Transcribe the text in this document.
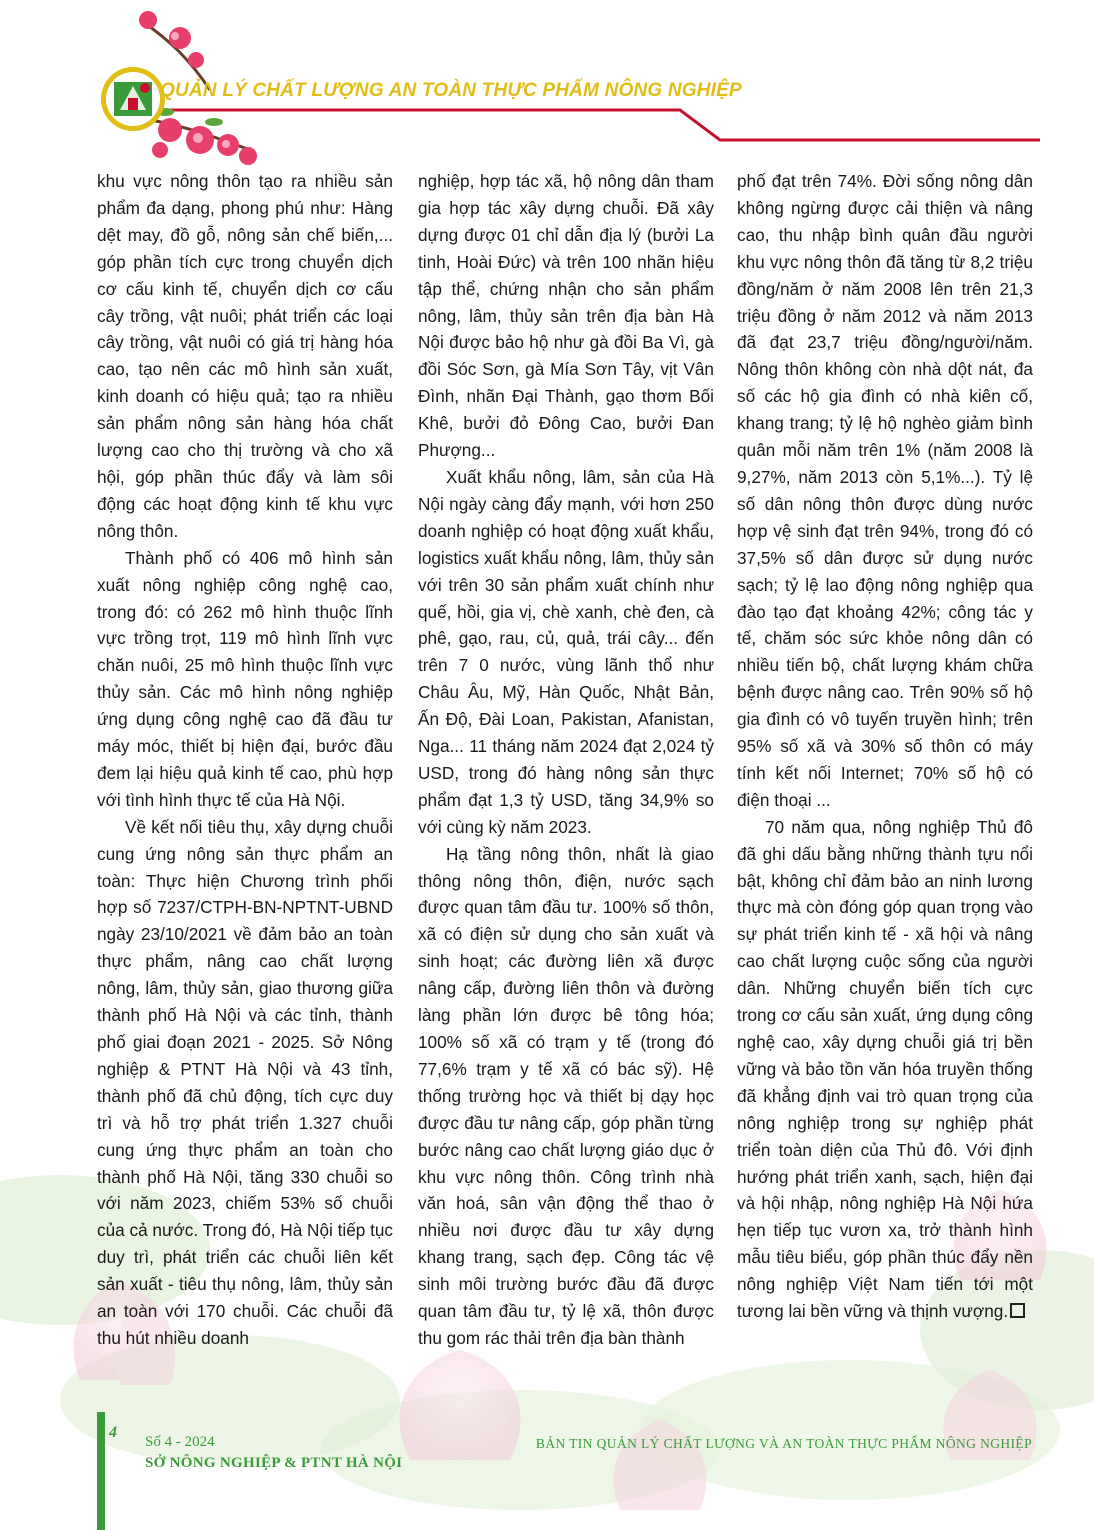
QUẢN LÝ CHẤT LƯỢNG AN TOÀN THỰC PHẨM NÔNG NGHIỆP

khu vực nông thôn tạo ra nhiều sản phẩm đa dạng, phong phú như: Hàng dệt may, đồ gỗ, nông sản chế biến,... góp phần tích cực trong chuyển dịch cơ cấu kinh tế, chuyển dịch cơ cấu cây trồng, vật nuôi; phát triển các loại cây trồng, vật nuôi có giá trị hàng hóa cao, tạo nên các mô hình sản xuất, kinh doanh có hiệu quả; tạo ra nhiều sản phẩm nông sản hàng hóa chất lượng cao cho thị trường và cho xã hội, góp phần thúc đẩy và làm sôi động các hoạt động kinh tế khu vực nông thôn.

Thành phố có 406 mô hình sản xuất nông nghiệp công nghệ cao, trong đó: có 262 mô hình thuộc lĩnh vực trồng trọt, 119 mô hình lĩnh vực chăn nuôi, 25 mô hình thuộc lĩnh vực thủy sản. Các mô hình nông nghiệp ứng dụng công nghệ cao đã đầu tư máy móc, thiết bị hiện đại, bước đầu đem lại hiệu quả kinh tế cao, phù hợp với tình hình thực tế của Hà Nội.

Về kết nối tiêu thụ, xây dựng chuỗi cung ứng nông sản thực phẩm an toàn: Thực hiện Chương trình phối hợp số 7237/CTPH-BN-NPTNT-UBND ngày 23/10/2021 về đảm bảo an toàn thực phẩm, nâng cao chất lượng nông, lâm, thủy sản, giao thương giữa thành phố Hà Nội và các tỉnh, thành phố giai đoạn 2021 - 2025. Sở Nông nghiệp & PTNT Hà Nội và 43 tỉnh, thành phố đã chủ động, tích cực duy trì và hỗ trợ phát triển 1.327 chuỗi cung ứng thực phẩm an toàn cho thành phố Hà Nội, tăng 330 chuỗi so với năm 2023, chiếm 53% số chuỗi của cả nước. Trong đó, Hà Nội tiếp tục duy trì, phát triển các chuỗi liên kết sản xuất - tiêu thụ nông, lâm, thủy sản an toàn với 170 chuỗi. Các chuỗi đã thu hút nhiều doanh

nghiệp, hợp tác xã, hộ nông dân tham gia hợp tác xây dựng chuỗi. Đã xây dựng được 01 chỉ dẫn địa lý (bưởi La tinh, Hoài Đức) và trên 100 nhãn hiệu tập thể, chứng nhận cho sản phẩm nông, lâm, thủy sản trên địa bàn Hà Nội được bảo hộ như gà đồi Ba Vì, gà đồi Sóc Sơn, gà Mía Sơn Tây, vịt Vân Đình, nhãn Đại Thành, gạo thơm Bối Khê, bưởi đỏ Đông Cao, bưởi Đan Phượng...

Xuất khẩu nông, lâm, sản của Hà Nội ngày càng đẩy mạnh, với hơn 250 doanh nghiệp có hoạt động xuất khẩu, logistics xuất khẩu nông, lâm, thủy sản với trên 30 sản phẩm xuất chính như quế, hồi, gia vị, chè xanh, chè đen, cà phê, gạo, rau, củ, quả, trái cây... đến trên 7 0 nước, vùng lãnh thổ như Châu Âu, Mỹ, Hàn Quốc, Nhật Bản, Ấn Độ, Đài Loan, Pakistan, Afanistan, Nga... 11 tháng năm 2024 đạt 2,024 tỷ USD, trong đó hàng nông sản thực phẩm đạt 1,3 tỷ USD, tăng 34,9% so với cùng kỳ năm 2023.

Hạ tầng nông thôn, nhất là giao thông nông thôn, điện, nước sạch được quan tâm đầu tư. 100% số thôn, xã có điện sử dụng cho sản xuất và sinh hoạt; các đường liên xã được nâng cấp, đường liên thôn và đường làng phần lớn được bê tông hóa; 100% số xã có trạm y tế (trong đó 77,6% trạm y tế xã có bác sỹ). Hệ thống trường học và thiết bị dạy học được đầu tư nâng cấp, góp phần từng bước nâng cao chất lượng giáo dục ở khu vực nông thôn. Công trình nhà văn hoá, sân vận động thể thao ở nhiều nơi được đầu tư xây dựng khang trang, sạch đẹp. Công tác vệ sinh môi trường bước đầu đã được quan tâm đầu tư, tỷ lệ xã, thôn được thu gom rác thải trên địa bàn thành

phố đạt trên 74%. Đời sống nông dân không ngừng được cải thiện và nâng cao, thu nhập bình quân đầu người khu vực nông thôn đã tăng từ 8,2 triệu đồng/năm ở năm 2008 lên trên 21,3 triệu đồng ở năm 2012 và năm 2013 đã đạt 23,7 triệu đồng/người/năm. Nông thôn không còn nhà dột nát, đa số các hộ gia đình có nhà kiên cố, khang trang; tỷ lệ hộ nghèo giảm bình quân mỗi năm trên 1% (năm 2008 là 9,27%, năm 2013 còn 5,1%...). Tỷ lệ số dân nông thôn được dùng nước hợp vệ sinh đạt trên 94%, trong đó có 37,5% số dân được sử dụng nước sạch; tỷ lệ lao động nông nghiệp qua đào tạo đạt khoảng 42%; công tác y tế, chăm sóc sức khỏe nông dân có nhiều tiến bộ, chất lượng khám chữa bệnh được nâng cao. Trên 90% số hộ gia đình có vô tuyến truyền hình; trên 95% số xã và 30% số thôn có máy tính kết nối Internet; 70% số hộ có điện thoại ...

70 năm qua, nông nghiệp Thủ đô đã ghi dấu bằng những thành tựu nổi bật, không chỉ đảm bảo an ninh lương thực mà còn đóng góp quan trọng vào sự phát triển kinh tế - xã hội và nâng cao chất lượng cuộc sống của người dân. Những chuyển biến tích cực trong cơ cấu sản xuất, ứng dụng công nghệ cao, xây dựng chuỗi giá trị bền vững và bảo tồn văn hóa truyền thống đã khẳng định vai trò quan trọng của nông nghiệp trong sự nghiệp phát triển toàn diện của Thủ đô. Với định hướng phát triển xanh, sạch, hiện đại và hội nhập, nông nghiệp Hà Nội hứa hẹn tiếp tục vươn xa, trở thành hình mẫu tiêu biểu, góp phần thúc đẩy nền nông nghiệp Việt Nam tiến tới một tương lai bền vững và thịnh vượng.

4
Số 4 - 2024
SỞ NÔNG NGHIỆP & PTNT HÀ NỘI
BẢN TIN QUẢN LÝ CHẤT LƯỢNG VÀ AN TOÀN THỰC PHẨM NÔNG NGHIỆP
